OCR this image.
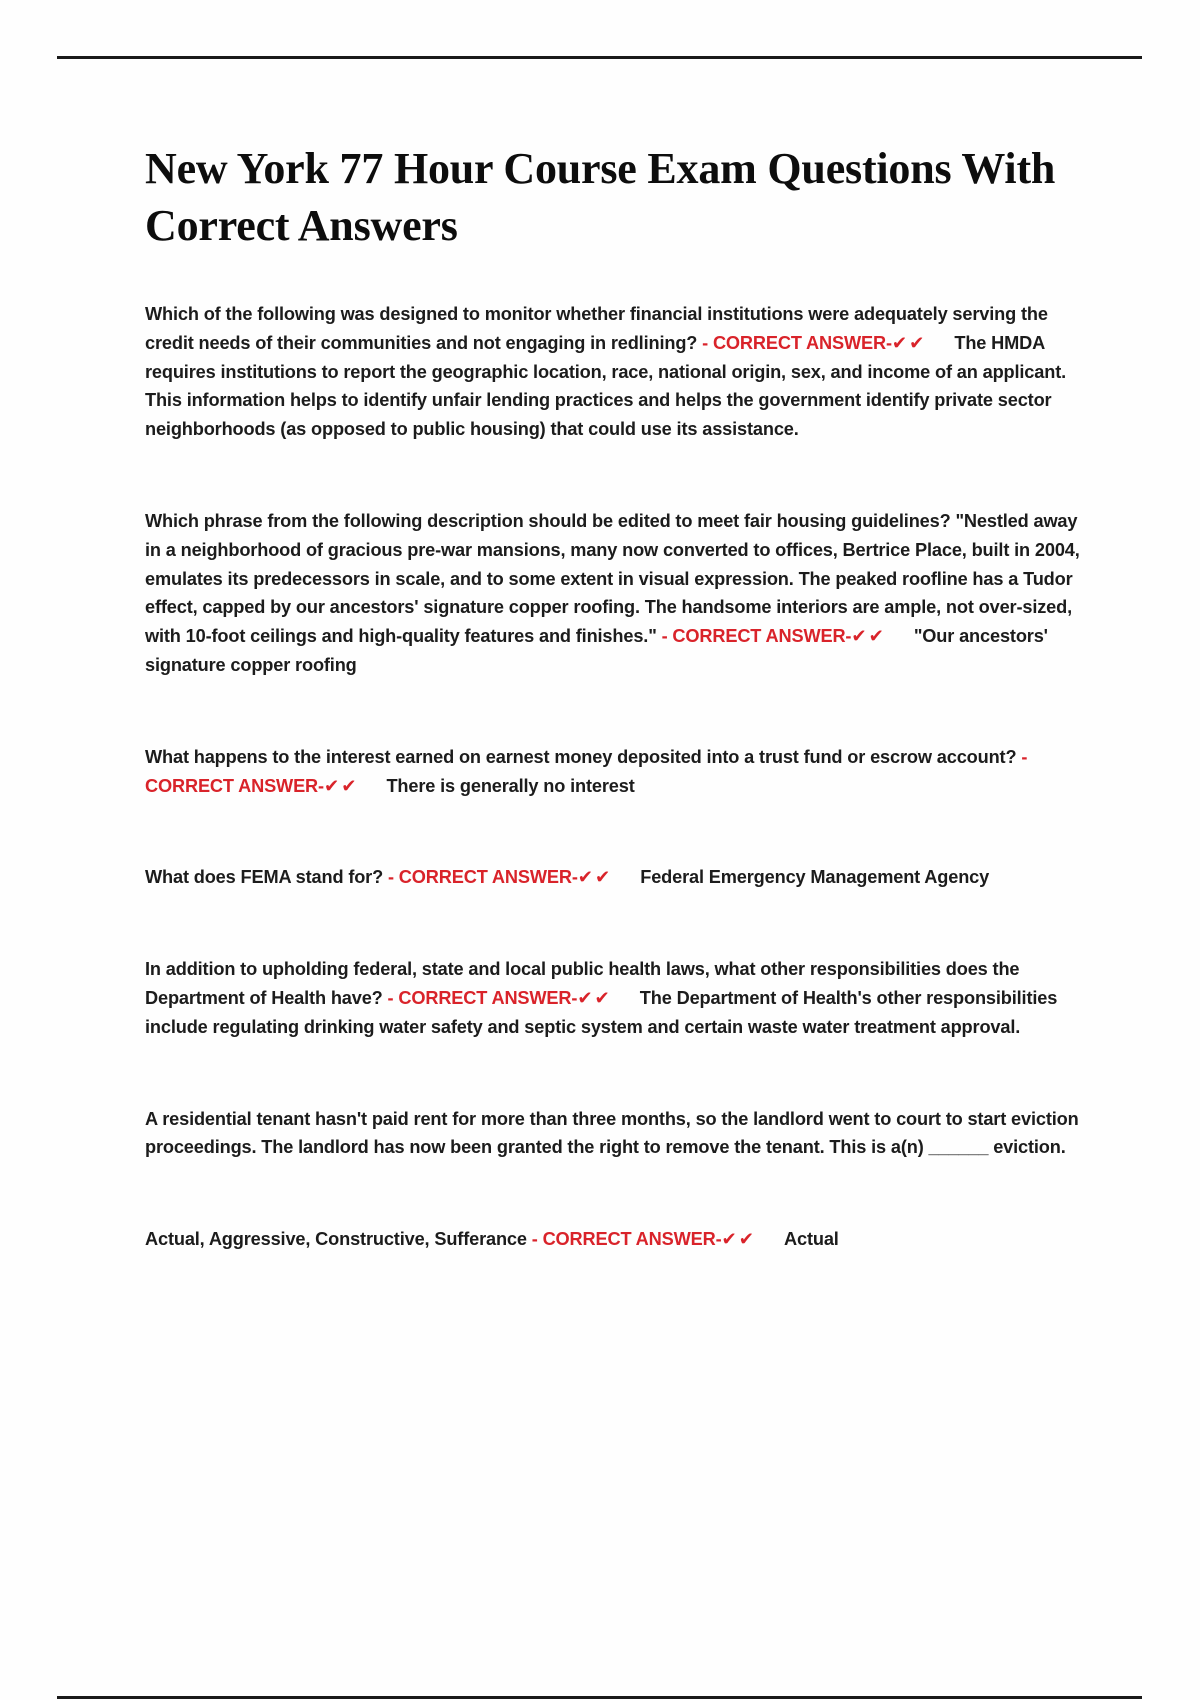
New York 77 Hour Course Exam Questions With Correct Answers

Which of the following was designed to monitor whether financial institutions were adequately serving the credit needs of their communities and not engaging in redlining? - CORRECT ANSWER-✔✔ The HMDA requires institutions to report the geographic location, race, national origin, sex, and income of an applicant. This information helps to identify unfair lending practices and helps the government identify private sector neighborhoods (as opposed to public housing) that could use its assistance.

Which phrase from the following description should be edited to meet fair housing guidelines? "Nestled away in a neighborhood of gracious pre-war mansions, many now converted to offices, Bertrice Place, built in 2004, emulates its predecessors in scale, and to some extent in visual expression. The peaked roofline has a Tudor effect, capped by our ancestors' signature copper roofing. The handsome interiors are ample, not over-sized, with 10-foot ceilings and high-quality features and finishes." - CORRECT ANSWER-✔✔ "Our ancestors' signature copper roofing

What happens to the interest earned on earnest money deposited into a trust fund or escrow account? - CORRECT ANSWER-✔✔ There is generally no interest

What does FEMA stand for? - CORRECT ANSWER-✔✔ Federal Emergency Management Agency

In addition to upholding federal, state and local public health laws, what other responsibilities does the Department of Health have? - CORRECT ANSWER-✔✔ The Department of Health's other responsibilities include regulating drinking water safety and septic system and certain waste water treatment approval.

A residential tenant hasn't paid rent for more than three months, so the landlord went to court to start eviction proceedings. The landlord has now been granted the right to remove the tenant. This is a(n) ______ eviction.

Actual, Aggressive, Constructive, Sufferance - CORRECT ANSWER-✔✔ Actual
